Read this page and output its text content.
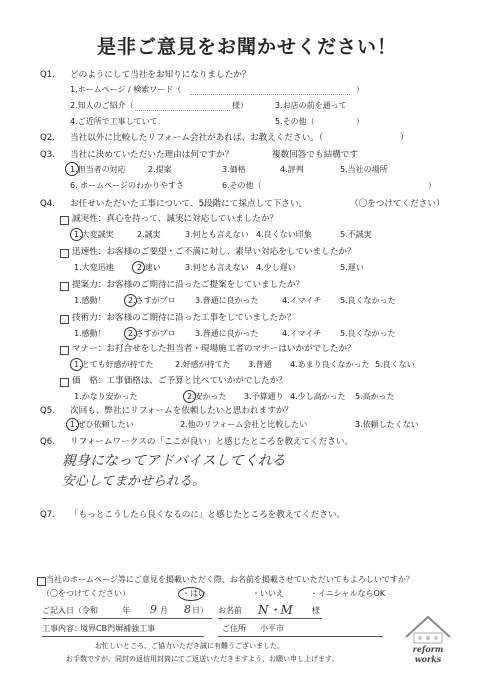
是非ご意見をお聞かせください！
Q1. どのようにして当社をお知りになりましたか？
1.ホームページ / 検索ワード（	）
2.知人のご紹介（	様）	3.お店の前を通って
4.ご近所で工事していて	5.その他（	）
Q2. 当社以外に比較したリフォーム会社があれば、お教えください。（	）
Q3. 当社に決めていただいた理由は何ですか？	複数回答でも結構です
1.担当者の対応	2.提案	3.価格	4.評判	5.当社の場所
6. ホームページのわかりやすさ	6.その他（	）
Q4. お任せいただいた工事について、5段階にて採点して下さい。	（〇をつけてください）
誠実性：真心を持って、誠実に対応していましたか？
1.大変誠実	2.誠実	3.何とも言えない 4.良くない印象	5.不誠実
迅速性：お客様のご要望・ご不満に対し、素早い対応をしていましたか？
1.大変迅速	2.速い	3.何とも言えない 4.少し遅い	5.遅い
提案力：お客様のご期待に沿ったご提案をしていましたか？
1.感動！	2.さすがプロ 3.普通に良かった	4.イマイチ 5.良くなかった
技術力：お客様のご期待に沿った工事をしていましたか？
1.感動！	2.さすがプロ 3.普通に良かった	4.イマイチ 5.良くなかった
マナー：お打合せをした担当者・現場施工者のマナーはいかがでしたか？
1.とても好感が持てた	2.好感が持てた 3.普通 4.あまり良くなかった 5.良くない
価　格：工事価格は、ご予算と比べていかがでしたか？
1.かなり安かった	2.安かった 3.予算通り 4.少し高かった 5.高かった
Q5. 次回も、弊社にリフォームを依頼したいと思われますか？
1.ぜひ依頼したい	2.他のリフォーム会社と比較したい	3.依頼したくない
Q6. リフォームワークスの「ここが良い」と感じたところを教えてください。
親身になってアドバイスしてくれる
安心してまかせられる。
Q7. 「もっとこうしたら良くなるのに」と感じたところを教えてください。
当社のホームページ等にご意見を掲載いただく際、お名前を掲載させていただいてもよろしいですか？
（〇をつけてください）	・はい	・いいえ	・イニシャルならOK
ご記入日（令和	年 9 月 8 日） お名前 N・M 様
工事内容：
境界CB門塀補強工事	ご住所 小平市
お忙しいところ、ご協力いただき誠に有難うございました。
お手数ですが、同封の返信用封筒にてご返送いただきますよう、お願い申し上げます。
reform works
